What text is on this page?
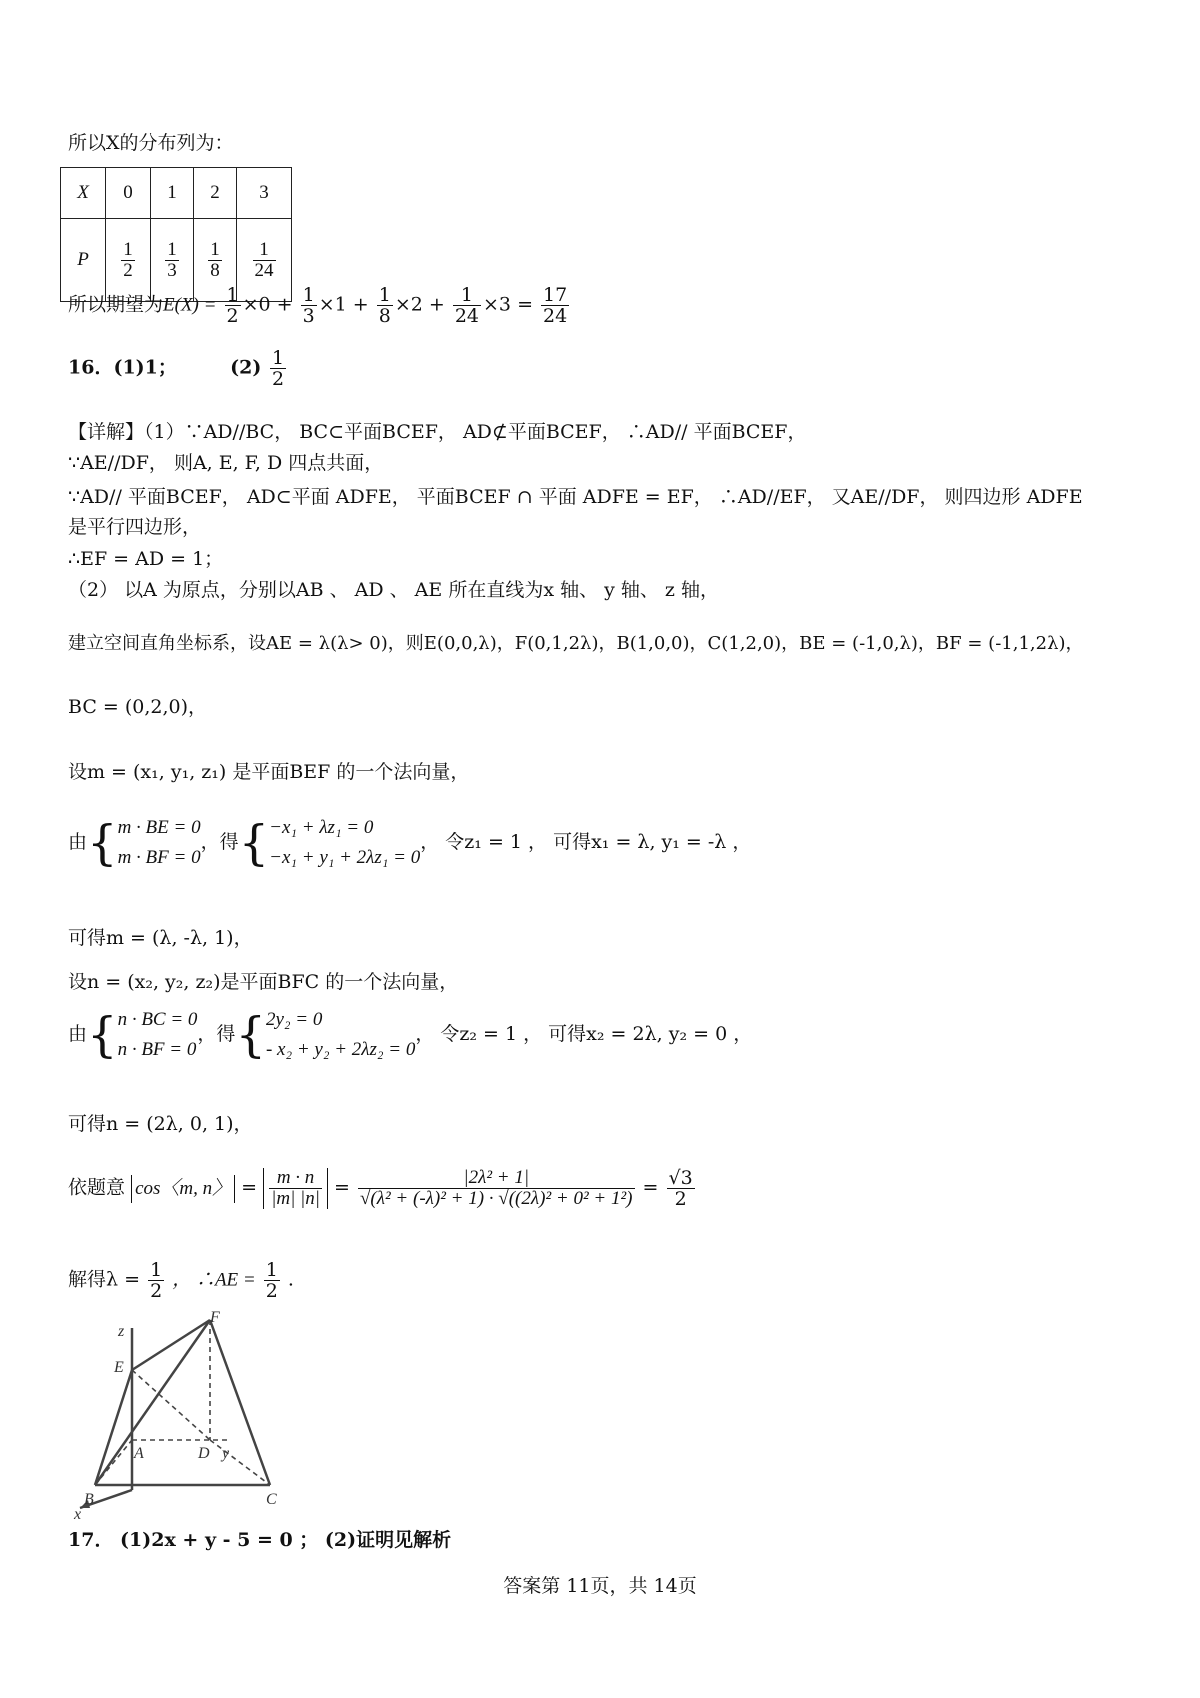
所以X的分布列为：
X	0	1	2	3
P	$\frac{1}{2}$	$\frac{1}{3}$	$\frac{1}{8}$	$\frac{1}{24}$
所以期望为$E(X) = \frac{1}{2} \times 0 + \frac{1}{3} \times 1 + \frac{1}{8} \times 2 + \frac{1}{24} \times 3 = \frac{17}{24}$
16．(1)1；	$(2) \frac{1}{2}$
【详解】（1）∵AD//BC， BC⊂平面BCEF， AD⊄平面BCEF， ∴AD// 平面BCEF，
∵AE//DF， 则A, E, F, D 四点共面，
∵AD// 平面BCEF， AD⊂平面 ADFE， 平面BCEF ∩ 平面 ADFE = EF， ∴AD//EF， 又AE//DF， 则四边形 ADFE
是平行四边形，
∴EF = AD = 1；
（2） 以A 为原点，分别以AB 、 AD 、 AE 所在直线为x 轴、 y 轴、 z 轴，
建立空间直角坐标系，设AE = λ(λ> 0)，则E(0,0,λ)，F(0,1,2λ)，B(1,0,0)，C(1,2,0)，BE = (-1,0,λ)，BF = (-1,1,2λ)，
BC = (0,2,0)，
设m = (x₁, y₁, z₁) 是平面BEF 的一个法向量，
由{ m · BE = 0
m · BF = 0
，得{ −x₁ + λz₁ = 0
−x₁ + y₁ + 2λz₁ = 0
， 令z₁ = 1 ， 可得x₁ = λ, y₁ = -λ ，
可得m = (λ, -λ, 1)，
设n = (x₂, y₂, z₂)是平面BFC 的一个法向量，
由{ n · BC = 0
n · BF = 0
，得{ 2y₂ = 0
- x₂ + y₂ + 2λz₂ = 0
， 令z₂ = 1 ， 可得x₂ = 2λ, y₂ = 0 ，
可得n = (2λ, 0, 1)，
依题意 cos〈m, n〉 = $\frac{m \cdot n}{|m| |n|} = \frac{\text{|2λ² + 1|}}{\text{√(λ² + (-λ)² + 1) · √((2λ)² + 0² + 1²)}} = \frac{√3}{2}$
解得$\lambda = \frac{1}{2}$ ， ∴AE = $\frac{1}{2}$ .
z
F
E
A	D y
B	C
x
17． (1)2x + y - 5 = 0 ； (2)证明见解析
答案第 11页，共 14页
